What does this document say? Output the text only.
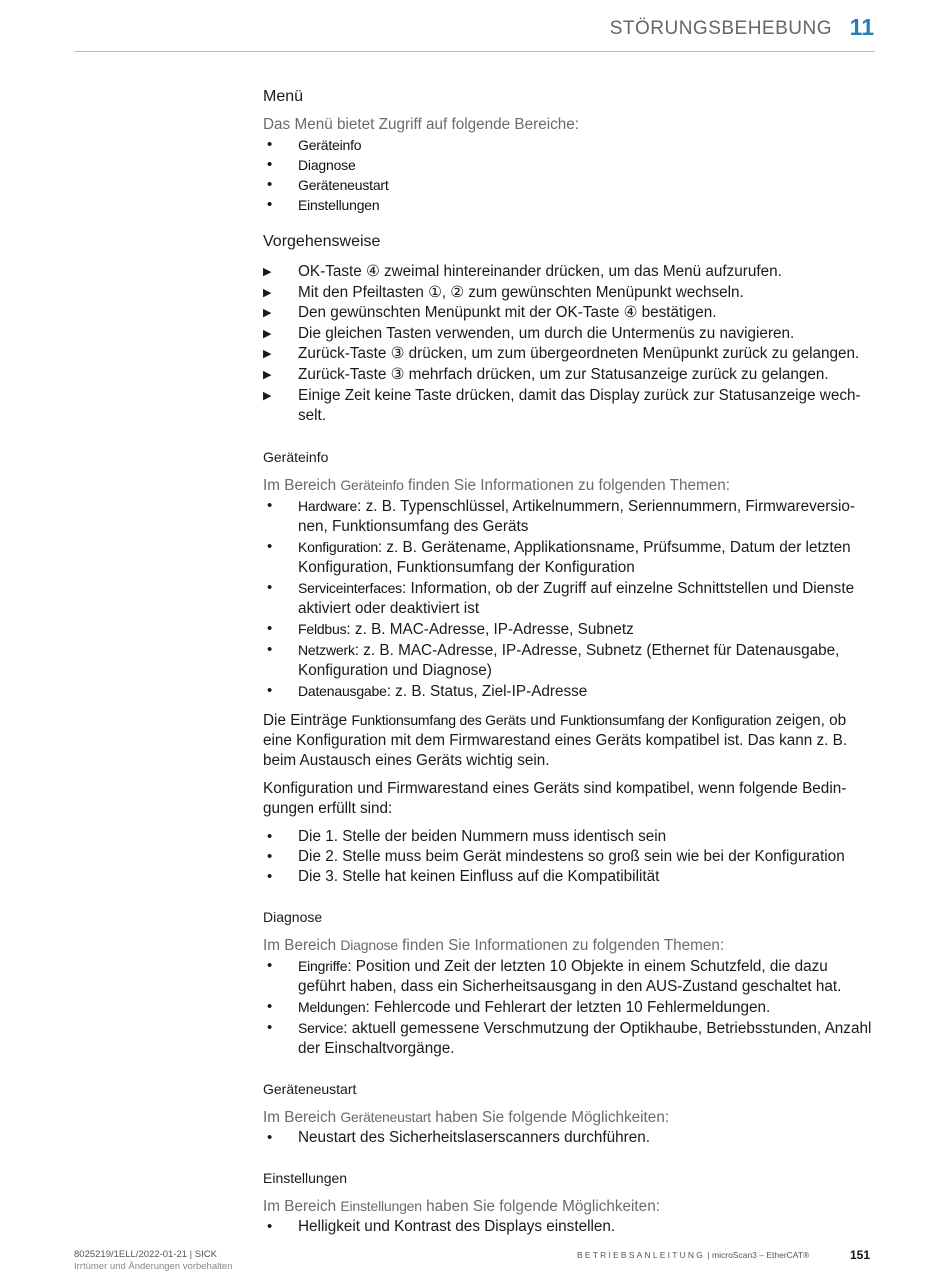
STÖRUNGSBEHEBUNG 11
Menü
Das Menü bietet Zugriff auf folgende Bereiche:
• Geräteinfo
• Diagnose
• Geräteneustart
• Einstellungen
Vorgehensweise
▶ OK-Taste ④ zweimal hintereinander drücken, um das Menü aufzurufen.
▶ Mit den Pfeiltasten ①, ② zum gewünschten Menüpunkt wechseln.
▶ Den gewünschten Menüpunkt mit der OK-Taste ④ bestätigen.
▶ Die gleichen Tasten verwenden, um durch die Untermenüs zu navigieren.
▶ Zurück-Taste ③ drücken, um zum übergeordneten Menüpunkt zurück zu gelangen.
▶ Zurück-Taste ③ mehrfach drücken, um zur Statusanzeige zurück zu gelangen.
▶ Einige Zeit keine Taste drücken, damit das Display zurück zur Statusanzeige wechselt.
Geräteinfo
Im Bereich Geräteinfo finden Sie Informationen zu folgenden Themen:
• Hardware: z. B. Typenschlüssel, Artikelnummern, Seriennummern, Firmwareversionen, Funktionsumfang des Geräts
• Konfiguration: z. B. Gerätename, Applikationsname, Prüfsumme, Datum der letzten Konfiguration, Funktionsumfang der Konfiguration
• Serviceinterfaces: Information, ob der Zugriff auf einzelne Schnittstellen und Dienste aktiviert oder deaktiviert ist
• Feldbus: z. B. MAC-Adresse, IP-Adresse, Subnetz
• Netzwerk: z. B. MAC-Adresse, IP-Adresse, Subnetz (Ethernet für Datenausgabe, Konfiguration und Diagnose)
• Datenausgabe: z. B. Status, Ziel-IP-Adresse
Die Einträge Funktionsumfang des Geräts und Funktionsumfang der Konfiguration zeigen, ob eine Konfiguration mit dem Firmwarestand eines Geräts kompatibel ist. Das kann z. B. beim Austausch eines Geräts wichtig sein.
Konfiguration und Firmwarestand eines Geräts sind kompatibel, wenn folgende Bedingungen erfüllt sind:
• Die 1. Stelle der beiden Nummern muss identisch sein
• Die 2. Stelle muss beim Gerät mindestens so groß sein wie bei der Konfiguration
• Die 3. Stelle hat keinen Einfluss auf die Kompatibilität
Diagnose
Im Bereich Diagnose finden Sie Informationen zu folgenden Themen:
• Eingriffe: Position und Zeit der letzten 10 Objekte in einem Schutzfeld, die dazu geführt haben, dass ein Sicherheitsausgang in den AUS-Zustand geschaltet hat.
• Meldungen: Fehlercode und Fehlerart der letzten 10 Fehlermeldungen.
• Service: aktuell gemessene Verschmutzung der Optikhaube, Betriebsstunden, Anzahl der Einschaltvorgänge.
Geräteneustart
Im Bereich Geräteneustart haben Sie folgende Möglichkeiten:
• Neustart des Sicherheitslaserscanners durchführen.
Einstellungen
Im Bereich Einstellungen haben Sie folgende Möglichkeiten:
• Helligkeit und Kontrast des Displays einstellen.
8025219/1ELL/2022-01-21 | SICK
Irrtümer und Änderungen vorbehalten
BETRIEBSANLEITUNG | microScan3 – EtherCAT®	151
